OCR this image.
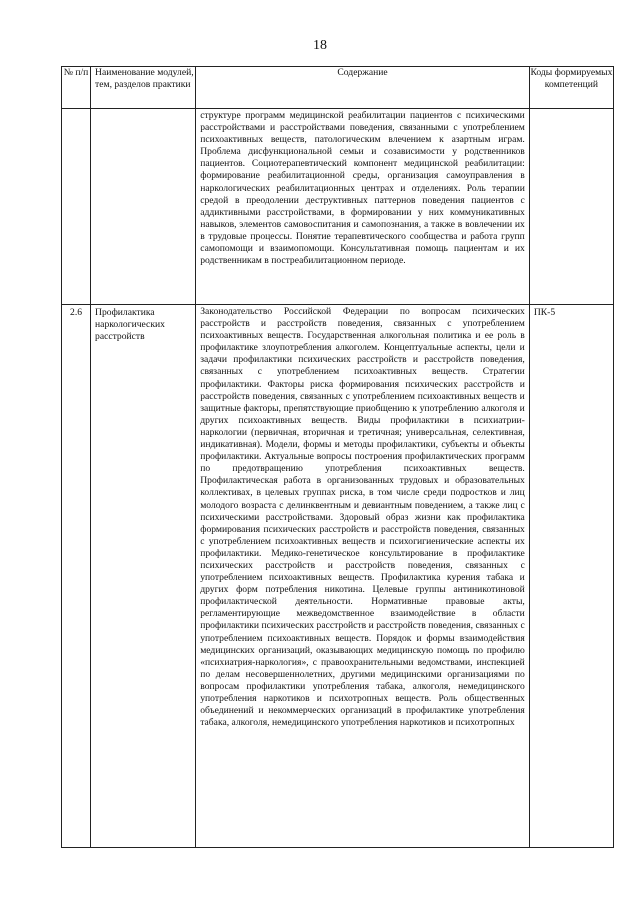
18
№ п/п	Наименование модулей, тем, разделов практики	Содержание	Коды формируемых компетенций

		структуре программ медицинской реабилитации пациентов с психическими расстройствами и расстройствами поведения, связанными с употреблением психоактивных веществ, патологическим влечением к азартным играм. Проблема дисфункциональной семьи и созависимости у родственников пациентов. Социотерапевтический компонент медицинской реабилитации: формирование реабилитационной среды, организация самоуправления в наркологических реабилитационных центрах и отделениях. Роль терапии средой в преодолении деструктивных паттернов поведения пациентов с аддиктивными расстройствами, в формировании у них коммуникативных навыков, элементов самовоспитания и самопознания, а также в вовлечении их в трудовые процессы. Понятие терапевтического сообщества и работа групп самопомощи и взаимопомощи. Консультативная помощь пациентам и их родственникам в постреабилитационном периоде.	

2.6	Профилактика наркологических расстройств	Законодательство Российской Федерации по вопросам психических расстройств и расстройств поведения, связанных с употреблением психоактивных веществ. Государственная алкогольная политика и ее роль в профилактике злоупотребления алкоголем. Концептуальные аспекты, цели и задачи профилактики психических расстройств и расстройств поведения, связанных с употреблением психоактивных веществ. Стратегии профилактики. Факторы риска формирования психических расстройств и расстройств поведения, связанных с употреблением психоактивных веществ и защитные факторы, препятствующие приобщению к употреблению алкоголя и других психоактивных веществ. Виды профилактики в психиатрии-наркологии (первичная, вторичная и третичная; универсальная, селективная, индикативная). Модели, формы и методы профилактики, субъекты и объекты профилактики. Актуальные вопросы построения профилактических программ по предотвращению употребления психоактивных веществ. Профилактическая работа в организованных трудовых и образовательных коллективах, в целевых группах риска, в том числе среди подростков и лиц молодого возраста с делинквентным и девиантным поведением, а также лиц с психическими расстройствами. Здоровый образ жизни как профилактика формирования психических расстройств и расстройств поведения, связанных с употреблением психоактивных веществ и психогигиенические аспекты их профилактики. Медико-генетическое консультирование в профилактике психических расстройств и расстройств поведения, связанных с употреблением психоактивных веществ. Профилактика курения табака и других форм потребления никотина. Целевые группы антиникотиновой профилактической деятельности. Нормативные правовые акты, регламентирующие межведомственное взаимодействие в области профилактики психических расстройств и расстройств поведения, связанных с употреблением психоактивных веществ. Порядок и формы взаимодействия медицинских организаций, оказывающих медицинскую помощь по профилю «психиатрия-наркология», с правоохранительными ведомствами, инспекцией по делам несовершеннолетних, другими медицинскими организациями по вопросам профилактики употребления табака, алкоголя, немедицинского употребления наркотиков и психотропных веществ. Роль общественных объединений и некоммерческих организаций в профилактике употребления табака, алкоголя, немедицинского употребления наркотиков и психотропных	ПК-5
